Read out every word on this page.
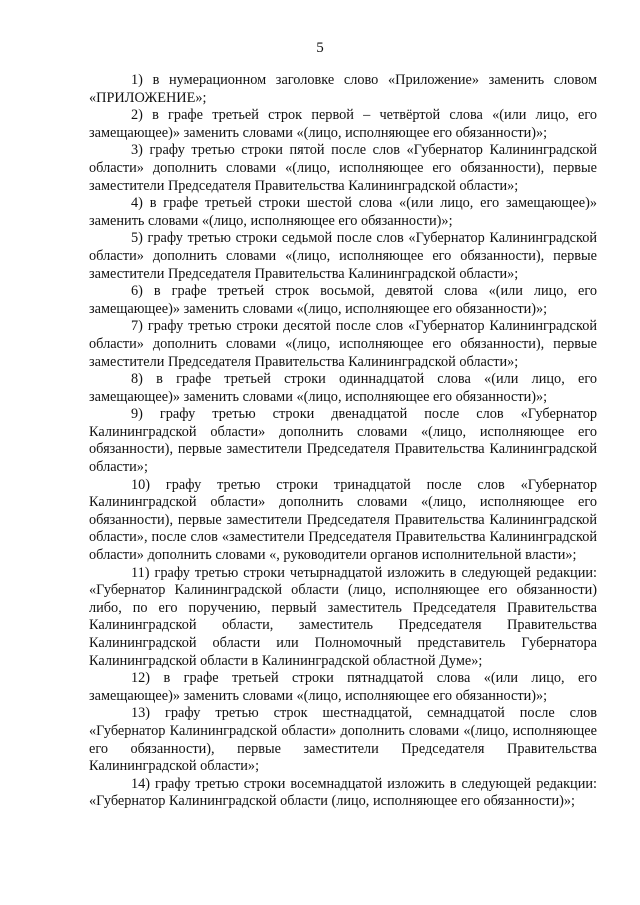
5

1) в нумерационном заголовке слово «Приложение» заменить словом «ПРИЛОЖЕНИЕ»;

2) в графе третьей строк первой – четвёртой слова «(или лицо, его замещающее)» заменить словами «(лицо, исполняющее его обязанности)»;

3) графу третью строки пятой после слов «Губернатор Калининградской области» дополнить словами «(лицо, исполняющее его обязанности), первые заместители Председателя Правительства Калининградской области»;

4) в графе третьей строки шестой слова «(или лицо, его замещающее)» заменить словами «(лицо, исполняющее его обязанности)»;

5) графу третью строки седьмой после слов «Губернатор Калининградской области» дополнить словами «(лицо, исполняющее его обязанности), первые заместители Председателя Правительства Калининградской области»;

6) в графе третьей строк восьмой, девятой слова «(или лицо, его замещающее)» заменить словами «(лицо, исполняющее его обязанности)»;

7) графу третью строки десятой после слов «Губернатор Калининградской области» дополнить словами «(лицо, исполняющее его обязанности), первые заместители Председателя Правительства Калининградской области»;

8) в графе третьей строки одиннадцатой слова «(или лицо, его замещающее)» заменить словами «(лицо, исполняющее его обязанности)»;

9) графу третью строки двенадцатой после слов «Губернатор Калининградской области» дополнить словами «(лицо, исполняющее его обязанности), первые заместители Председателя Правительства Калининградской области»;

10) графу третью строки тринадцатой после слов «Губернатор Калининградской области» дополнить словами «(лицо, исполняющее его обязанности), первые заместители Председателя Правительства Калининградской области», после слов «заместители Председателя Правительства Калининградской области» дополнить словами «, руководители органов исполнительной власти»;

11) графу третью строки четырнадцатой изложить в следующей редакции: «Губернатор Калининградской области (лицо, исполняющее его обязанности) либо, по его поручению, первый заместитель Председателя Правительства Калининградской области, заместитель Председателя Правительства Калининградской области или Полномочный представитель Губернатора Калининградской области в Калининградской областной Думе»;

12) в графе третьей строки пятнадцатой слова «(или лицо, его замещающее)» заменить словами «(лицо, исполняющее его обязанности)»;

13) графу третью строк шестнадцатой, семнадцатой после слов «Губернатор Калининградской области» дополнить словами «(лицо, исполняющее его обязанности), первые заместители Председателя Правительства Калининградской области»;

14) графу третью строки восемнадцатой изложить в следующей редакции: «Губернатор Калининградской области (лицо, исполняющее его обязанности)»;
